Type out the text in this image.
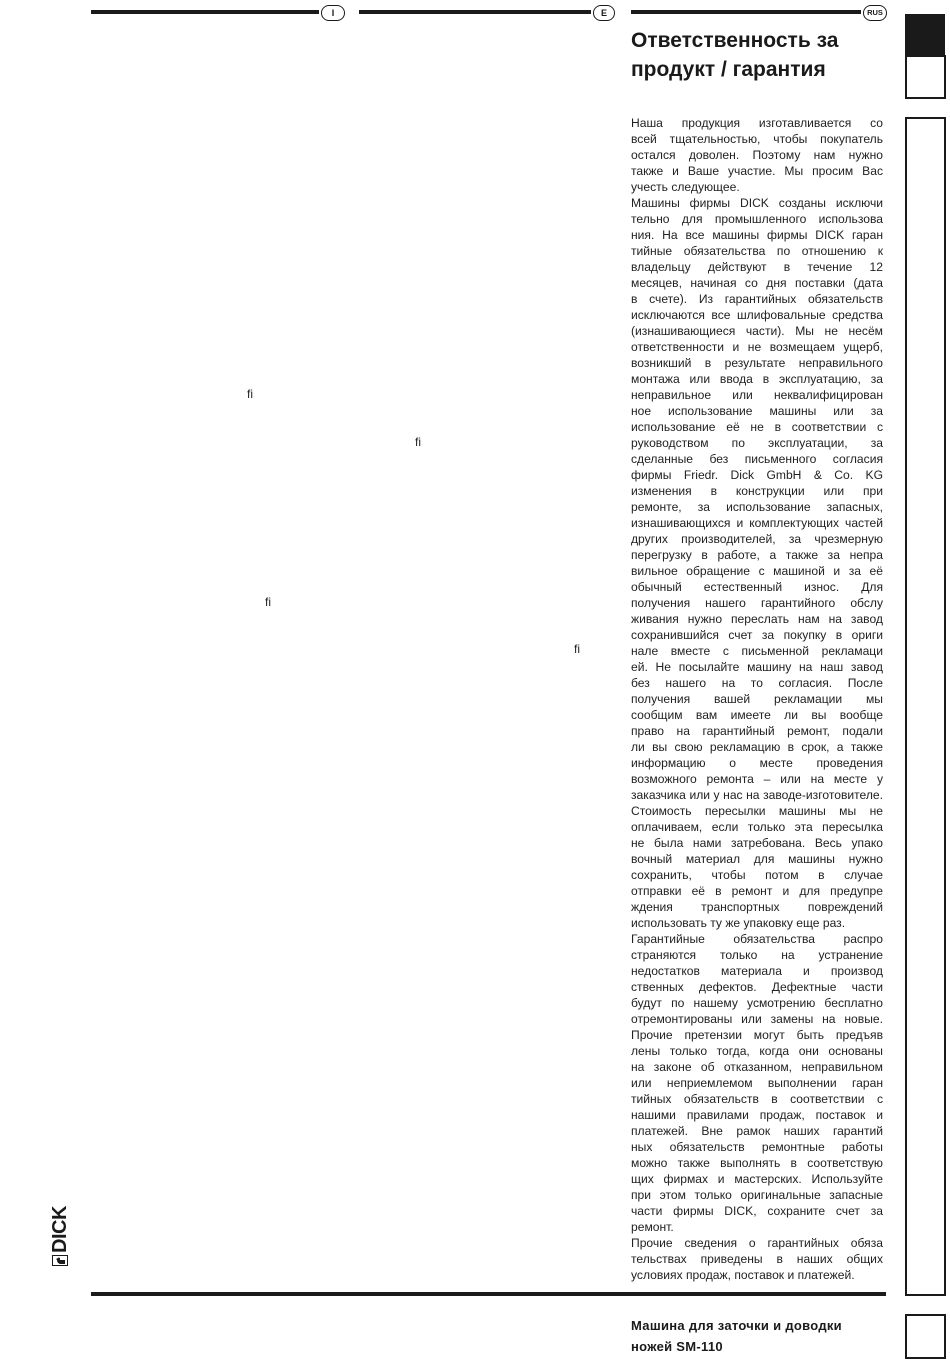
I	E	RUS
Ответственность за
продукт / гарантия
Наша продукция изготавливается со
всей тщательностью, чтобы покупатель
остался доволен. Поэтому нам нужно
также и Ваше участие. Мы просим Вас
учесть следующее.
Машины фирмы DICK созданы исключи
тельно для промышленного использова
ния. На все машины фирмы DICK гаран
тийные обязательства по отношению к
владельцу действуют в течение 12
месяцев, начиная со дня поставки (дата
в счете). Из гарантийных обязательств
исключаются все шлифовальные средства
(изнашивающиеся части). Мы не несём
ответственности и не возмещаем ущерб,
возникший в результате неправильного
монтажа или ввода в эксплуатацию, за
неправильное или неквалифицирован
ное использование машины или за
использование её не в соответствии с
руководством по эксплуатации, за
сделанные без письменного согласия
фирмы Friedr. Dick GmbH & Co. KG
изменения в конструкции или при
ремонте, за использование запасных,
изнашивающихся и комплектующих частей
других производителей, за чрезмерную
перегрузку в работе, а также за непра
вильное обращение с машиной и за её
обычный естественный износ. Для
получения нашего гарантийного обслу
живания нужно переслать нам на завод
сохранившийся счет за покупку в ориги
нале вместе с письменной рекламаци
ей. Не посылайте машину на наш завод
без нашего на то согласия. После
получения вашей рекламации мы
сообщим вам имеете ли вы вообще
право на гарантийный ремонт, подали
ли вы свою рекламацию в срок, а также
информацию о месте проведения
возможного ремонта – или на месте у
заказчика или у нас на заводе-изготовителе.
Стоимость пересылки машины мы не
оплачиваем, если только эта пересылка
не была нами затребована. Весь упако
вочный материал для машины нужно
сохранить, чтобы потом в случае
отправки её в ремонт и для предупре
ждения транспортных повреждений
использовать ту же упаковку еще раз.
Гарантийные обязательства распро
страняются только на устранение
недостатков материала и производ
ственных дефектов. Дефектные части
будут по нашему усмотрению бесплатно
отремонтированы или замены на новые.
Прочие претензии могут быть предъяв
лены только тогда, когда они основаны
на законе об отказанном, неправильном
или неприемлемом выполнении гаран
тийных обязательств в соответствии с
нашими правилами продаж, поставок и
платежей. Вне рамок наших гарантий
ных обязательств ремонтные работы
можно также выполнять в соответствую
щих фирмах и мастерских. Используйте
при этом только оригинальные запасные
части фирмы DICK, сохраните счет за
ремонт.
Прочие сведения о гарантийных обяза
тельствах приведены в наших общих
условиях продаж, поставок и платежей.
fi
fi
fi
fi

Машина для заточки и доводки
ножей SM-110

DICK
